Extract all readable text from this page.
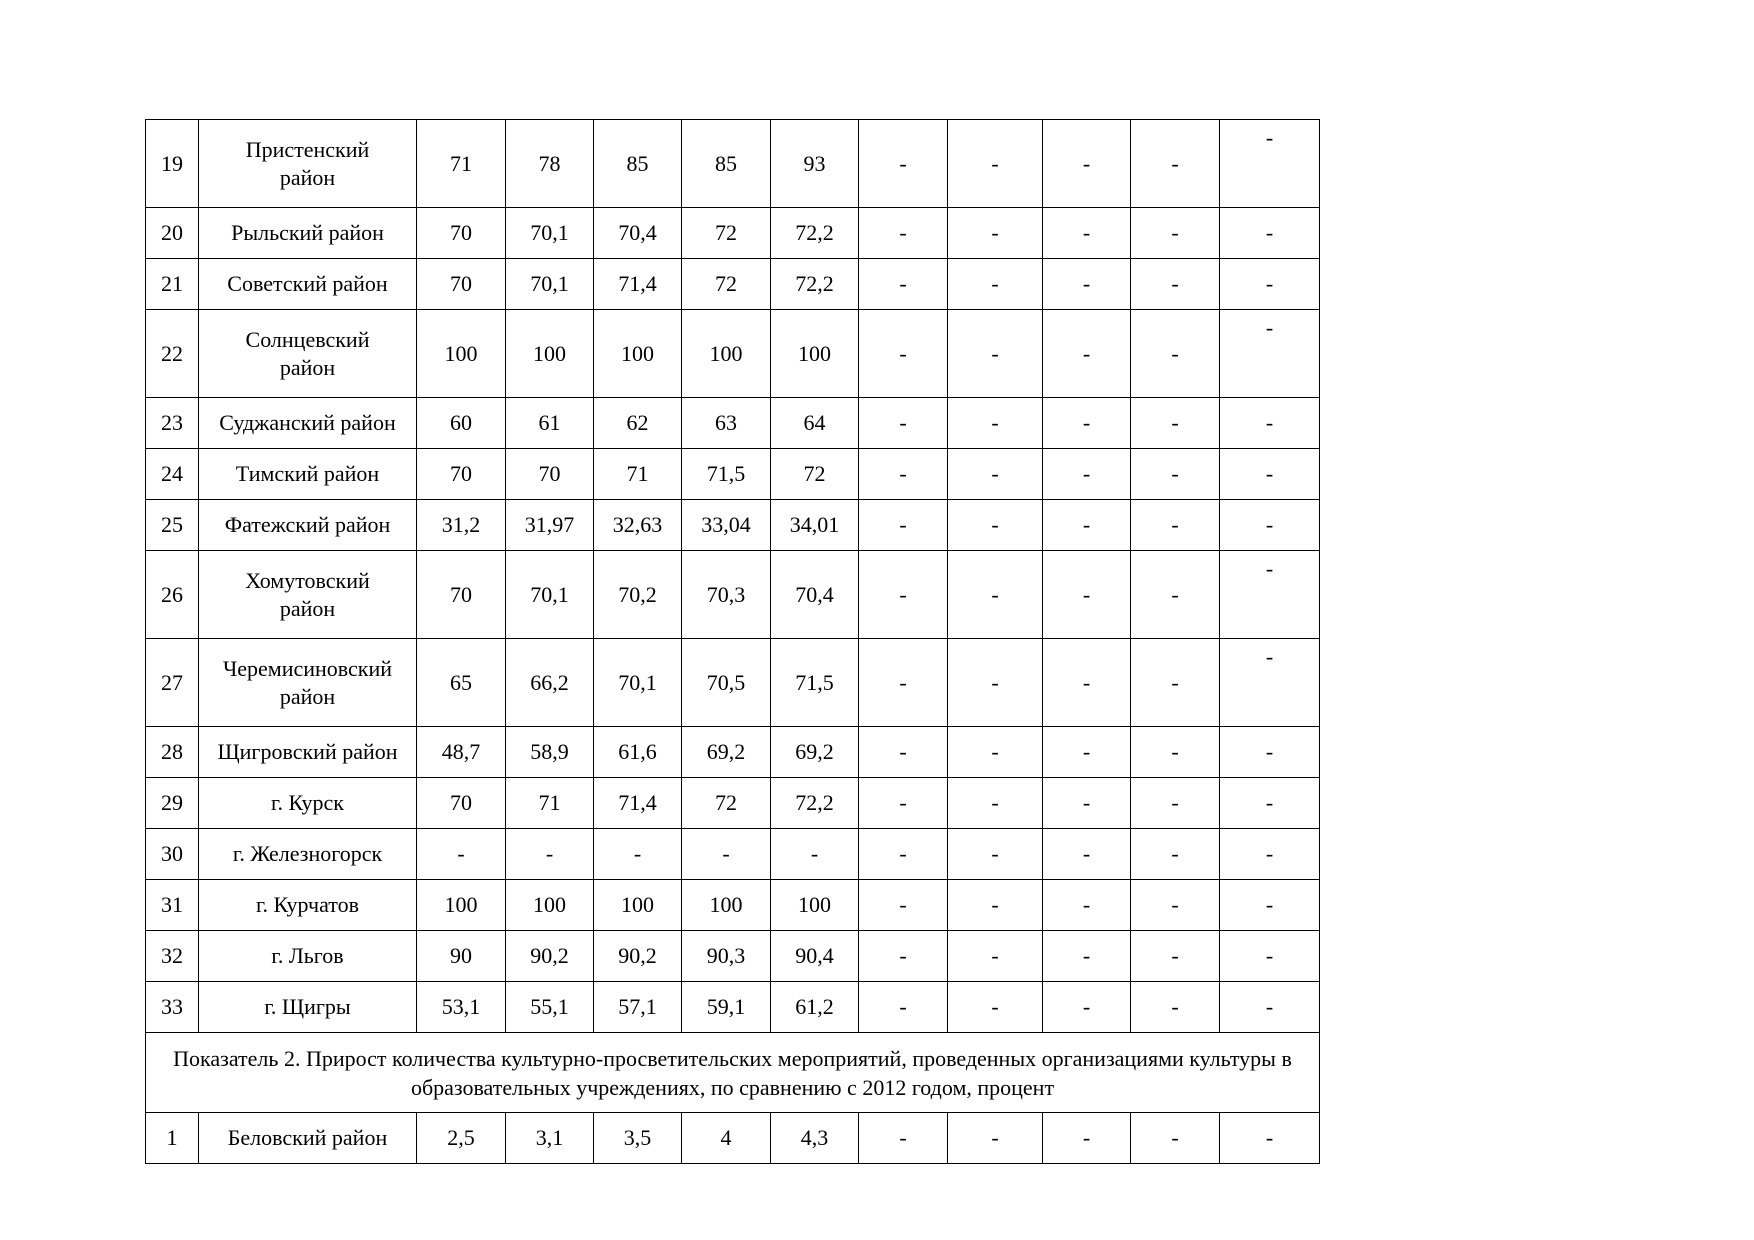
19	Пристенский район	71	78	85	85	93	-	-	-	-	-
20	Рыльский район	70	70,1	70,4	72	72,2	-	-	-	-	-
21	Советский район	70	70,1	71,4	72	72,2	-	-	-	-	-
22	Солнцевский район	100	100	100	100	100	-	-	-	-	-
23	Суджанский район	60	61	62	63	64	-	-	-	-	-
24	Тимский район	70	70	71	71,5	72	-	-	-	-	-
25	Фатежский район	31,2	31,97	32,63	33,04	34,01	-	-	-	-	-
26	Хомутовский район	70	70,1	70,2	70,3	70,4	-	-	-	-	-
27	Черемисиновский район	65	66,2	70,1	70,5	71,5	-	-	-	-	-
28	Щигровский район	48,7	58,9	61,6	69,2	69,2	-	-	-	-	-
29	г. Курск	70	71	71,4	72	72,2	-	-	-	-	-
30	г. Железногорск	-	-	-	-	-	-	-	-	-	-
31	г. Курчатов	100	100	100	100	100	-	-	-	-	-
32	г. Льгов	90	90,2	90,2	90,3	90,4	-	-	-	-	-
33	г. Щигры	53,1	55,1	57,1	59,1	61,2	-	-	-	-	-
Показатель 2. Прирост количества культурно-просветительских мероприятий, проведенных организациями культуры в образовательных учреждениях, по сравнению с 2012 годом, процент											
1	Беловский район	2,5	3,1	3,5	4	4,3	-	-	-	-	-
